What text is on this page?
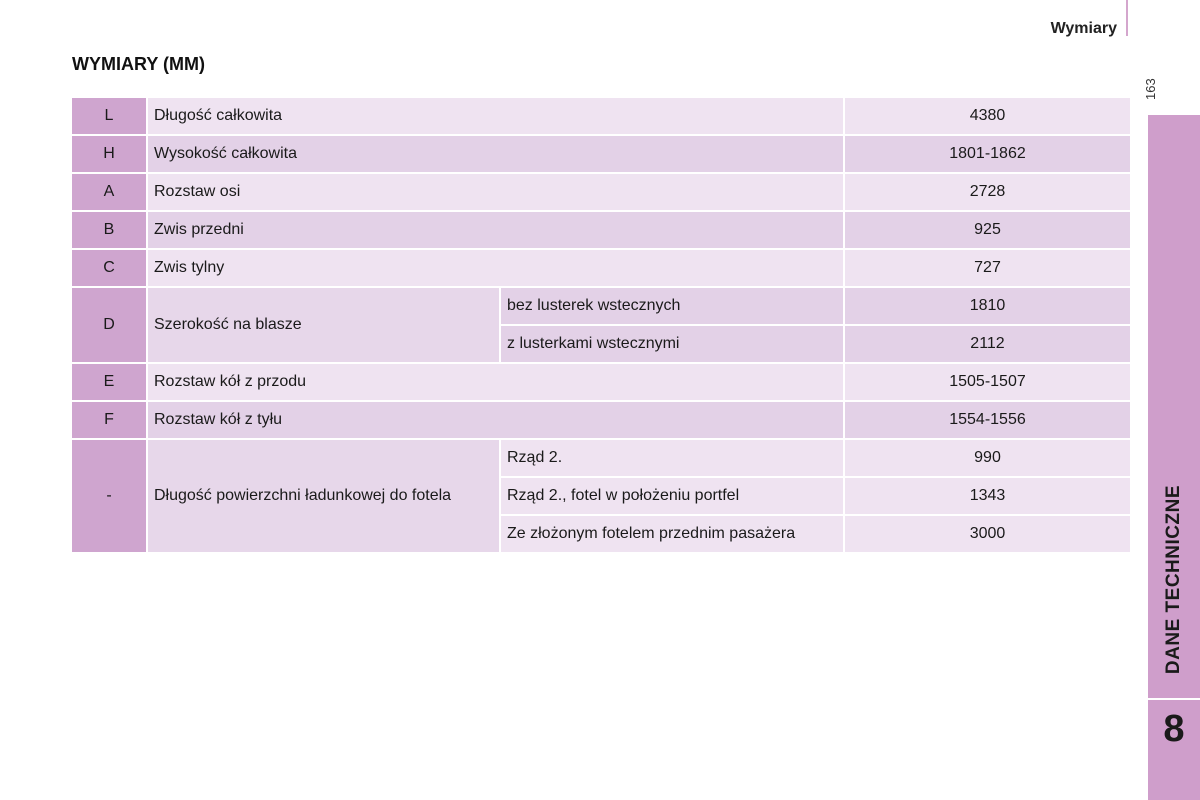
Wymiary
163
DANE TECHNICZNE
8
WYMIARY (MM)
L	Długość całkowita		4380
H	Wysokość całkowita		1801-1862
A	Rozstaw osi		2728
B	Zwis przedni		925
C	Zwis tylny		727
D	Szerokość na blasze	bez lusterek wstecznych	1810
		z lusterkami wstecznymi	2112
E	Rozstaw kół z przodu		1505-1507
F	Rozstaw kół z tyłu		1554-1556
-	Długość powierzchni ładunkowej do fotela	Rząd 2.	990
		Rząd 2., fotel w położeniu portfel	1343
		Ze złożonym fotelem przednim pasażera	3000
